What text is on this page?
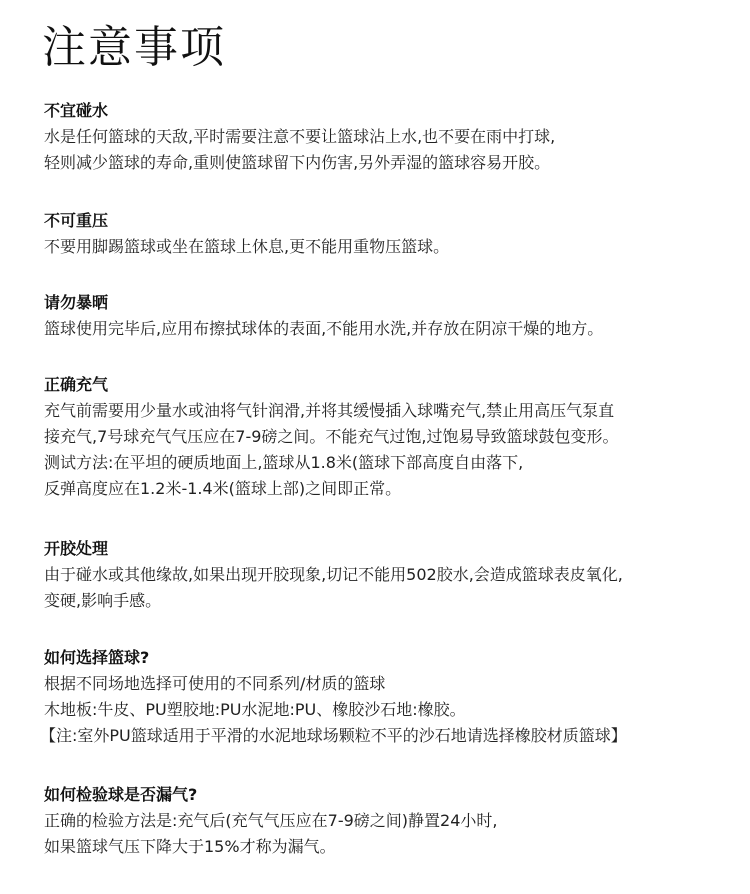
注意事项
不宜碰水

水是任何篮球的天敌,平时需要注意不要让篮球沾上水,也不要在雨中打球,

轻则减少篮球的寿命,重则使篮球留下内伤害,另外弄湿的篮球容易开胶。

不可重压

不要用脚踢篮球或坐在篮球上休息,更不能用重物压篮球。

请勿暴晒

篮球使用完毕后,应用布擦拭球体的表面,不能用水洗,并存放在阴凉干燥的地方。

正确充气

充气前需要用少量水或油将气针润滑,并将其缓慢插入球嘴充气,禁止用高压气泵直

接充气,7号球充气气压应在7-9磅之间。不能充气过饱,过饱易导致篮球鼓包变形。

测试方法:在平坦的硬质地面上,篮球从1.8米(篮球下部高度自由落下,

反弹高度应在1.2米-1.4米(篮球上部)之间即正常。

开胶处理

由于碰水或其他缘故,如果出现开胶现象,切记不能用502胶水,会造成篮球表皮氧化,

变硬,影响手感。

如何选择篮球?

根据不同场地选择可使用的不同系列/材质的篮球

木地板:牛皮、PU塑胶地:PU水泥地:PU、橡胶沙石地:橡胶。

【注:室外PU篮球适用于平滑的水泥地球场颗粒不平的沙石地请选择橡胶材质篮球】

如何检验球是否漏气?

正确的检验方法是:充气后(充气气压应在7-9磅之间)静置24小时,

如果篮球气压下降大于15%才称为漏气。
